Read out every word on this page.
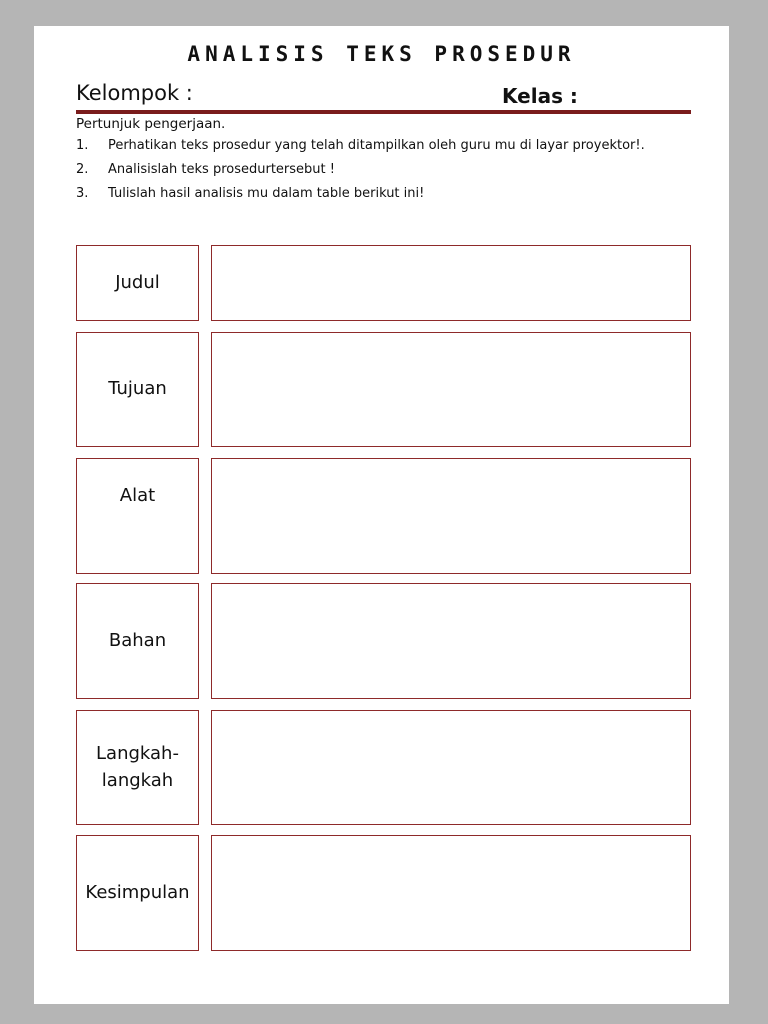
ANALISIS TEKS PROSEDUR
Kelompok :	Kelas :
Pertunjuk pengerjaan.
1. Perhatikan teks prosedur yang telah ditampilkan oleh guru mu di layar proyektor!.
2. Analisislah teks prosedurtersebut !
3. Tulislah hasil analisis mu dalam table berikut ini!
Judul
Tujuan
Alat
Bahan
Langkah-
langkah
Kesimpulan
